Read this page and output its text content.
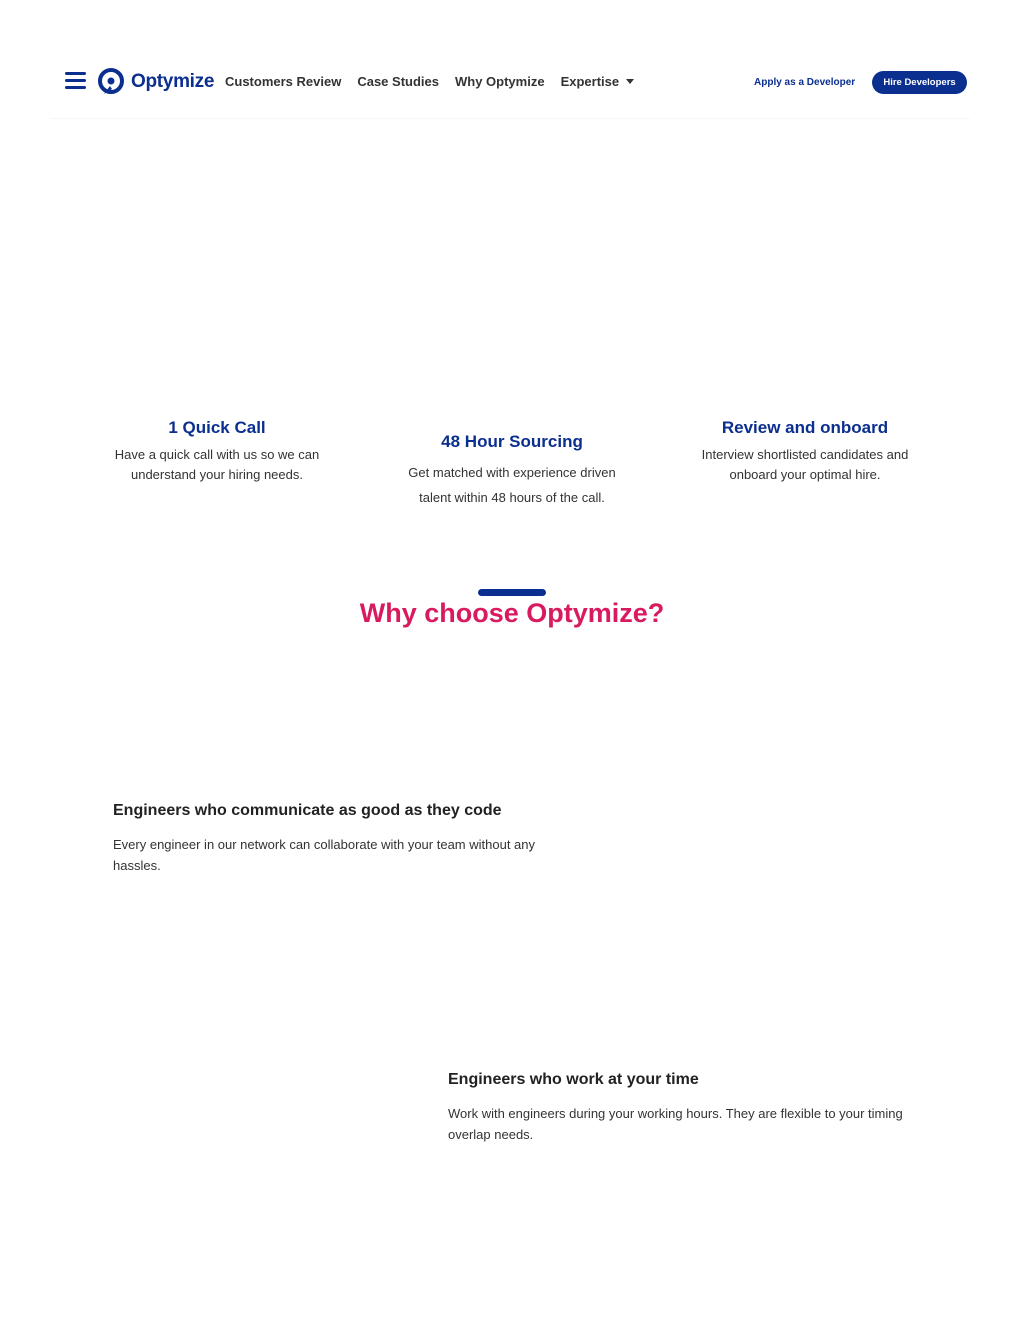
Optymize Customers Review Case Studies Why Optymize Expertise	Apply as a Developer	Hire Developers
1 Quick Call

Have a quick call with us so we can
understand your hiring needs.

48 Hour Sourcing

Get matched with experience driven
talent within 48 hours of the call.

Review and onboard

Interview shortlisted candidates and
onboard your optimal hire.

Why choose Optymize?
Engineers who communicate as good as they code

Every engineer in our network can collaborate with your team without any
hassles.

Engineers who work at your time

Work with engineers during your working hours. They are flexible to your timing
overlap needs.
